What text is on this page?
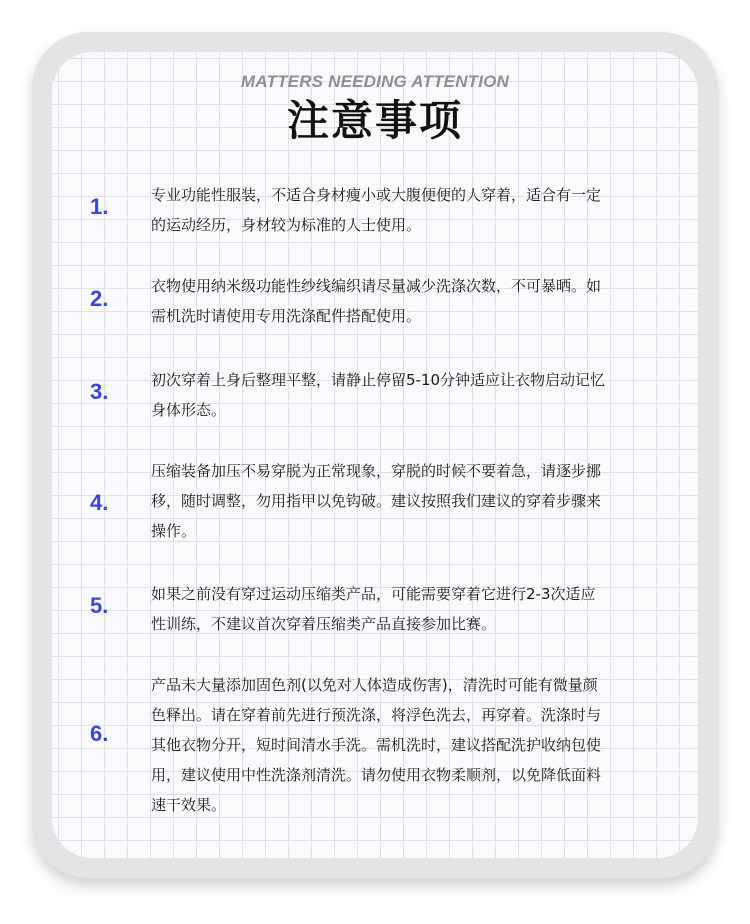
MATTERS NEEDING ATTENTION
注意事项
1.	专业功能性服装，不适合身材瘦小或大腹便便的人穿着，适合有一定
的运动经历，身材较为标准的人士使用。
2.	衣物使用纳米级功能性纱线编织请尽量减少洗涤次数，不可暴晒。如
需机洗时请使用专用洗涤配件搭配使用。
3.	初次穿着上身后整理平整，请静止停留5-10分钟适应让衣物启动记忆
身体形态。
4.
压缩装备加压不易穿脱为正常现象，穿脱的时候不要着急，请逐步挪
移，随时调整，勿用指甲以免钩破。建议按照我们建议的穿着步骤来
操作。
5.	如果之前没有穿过运动压缩类产品，可能需要穿着它进行2-3次适应
性训练，不建议首次穿着压缩类产品直接参加比赛。
6.
产品未大量添加固色剂(以免对人体造成伤害)，清洗时可能有微量颜
色释出。请在穿着前先进行预洗涤，将浮色洗去，再穿着。洗涤时与
其他衣物分开，短时间清水手洗。需机洗时，建议搭配洗护收纳包使
用，建议使用中性洗涤剂清洗。请勿使用衣物柔顺剂，以免降低面料
速干效果。
